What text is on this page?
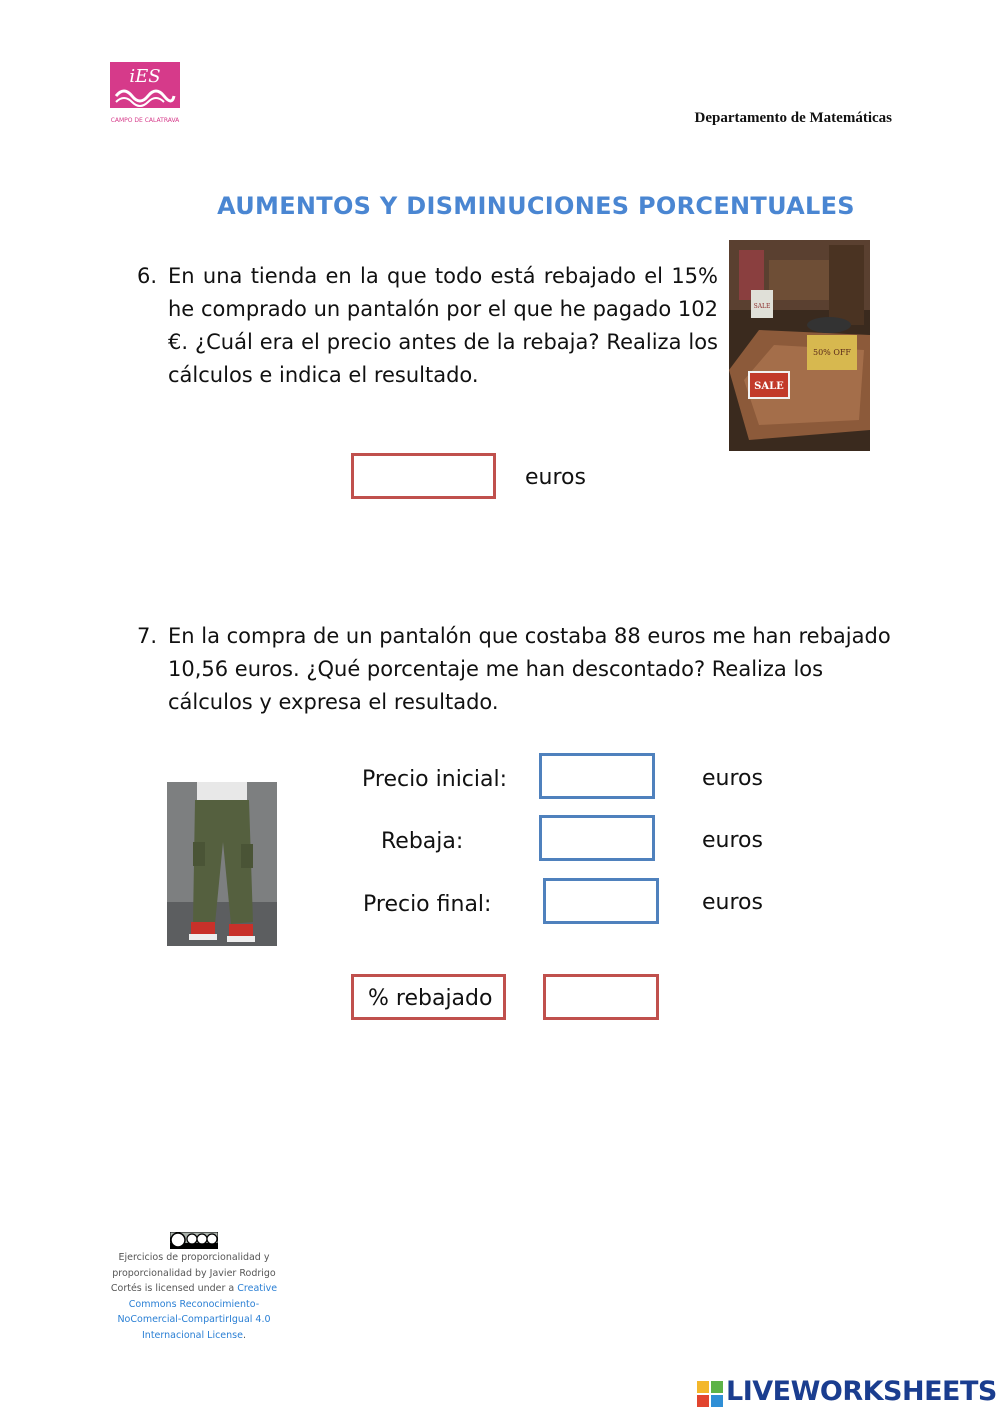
iES
CAMPO DE CALATRAVA	Departamento de Matemáticas
AUMENTOS Y DISMINUCIONES PORCENTUALES
6. En una tienda en la que todo está rebajado el 15% he comprado un pantalón por el que he pagado 102 €. ¿Cuál era el precio antes de la rebaja? Realiza los cálculos e indica el resultado.
50% OFF
SALE
SALE
euros
7. En la compra de un pantalón que costaba 88 euros me han rebajado 10,56 euros. ¿Qué porcentaje me han descontado? Realiza los cálculos y expresa el resultado.
Precio inicial:	euros
Rebaja:	euros
Precio final:	euros
% rebajado
Ejercicios de proporcionalidad y proporcionalidad by Javier Rodrigo Cortés is licensed under a Creative Commons Reconocimiento-NoComercial-CompartirIgual 4.0 Internacional License.
LIVEWORKSHEETS
